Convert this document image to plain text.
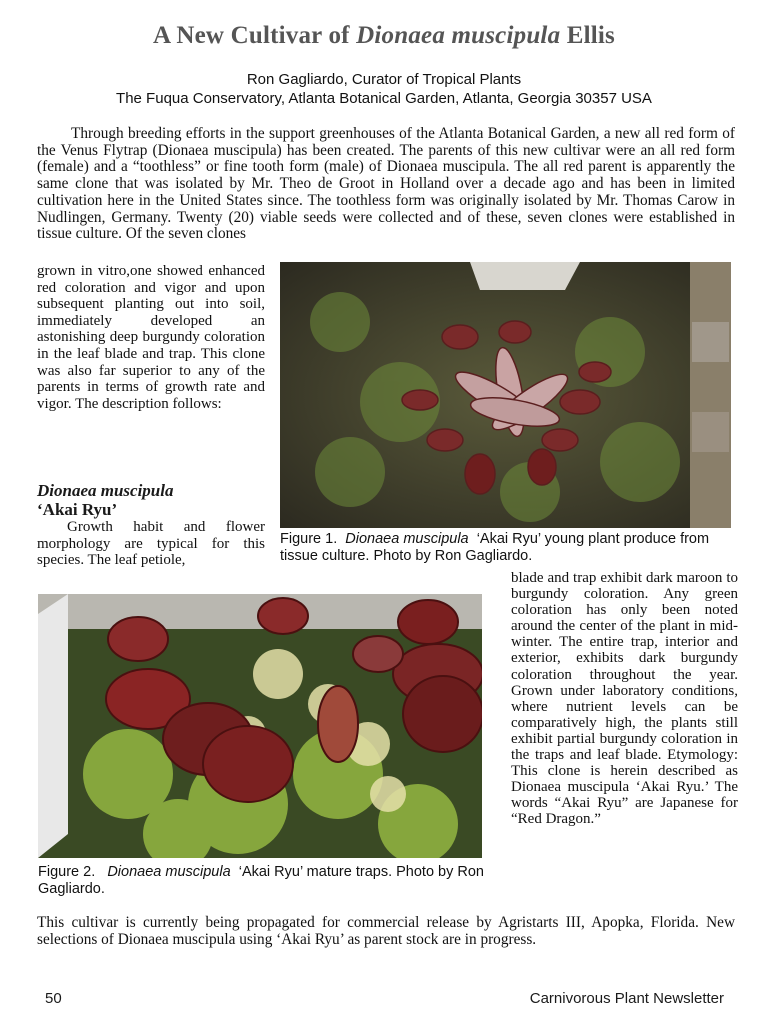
A New Cultivar of Dionaea muscipula Ellis
Ron Gagliardo, Curator of Tropical Plants
The Fuqua Conservatory, Atlanta Botanical Garden, Atlanta, Georgia 30357 USA
Through breeding efforts in the support greenhouses of the Atlanta Botanical Garden, a new all red form of the Venus Flytrap (Dionaea muscipula) has been created. The parents of this new cultivar were an all red form (female) and a “toothless” or fine tooth form (male) of Dionaea muscipula. The all red parent is apparently the same clone that was isolated by Mr. Theo de Groot in Holland over a decade ago and has been in limited cultivation here in the United States since. The toothless form was originally isolated by Mr. Thomas Carow in Nudlingen, Germany. Twenty (20) viable seeds were collected and of these, seven clones were established in tissue culture. Of the seven clones
grown in vitro,one showed enhanced red coloration and vigor and upon subsequent planting out into soil, immediately developed an astonishing deep burgundy coloration in the leaf blade and trap. This clone was also far superior to any of the parents in terms of growth rate and vigor. The description follows:
Dionaea muscipula
‘Akai Ryu’
Growth habit and flower morphology are typical for this species. The leaf petiole,
Figure 1. Dionaea muscipula ‘Akai Ryu’ young plant produce from tissue culture. Photo by Ron Gagliardo.
Figure 2. Dionaea muscipula ‘Akai Ryu’ mature traps. Photo by Ron Gagliardo.
blade and trap exhibit dark maroon to burgundy coloration. Any green coloration has only been noted around the center of the plant in mid-winter. The entire trap, interior and exterior, exhibits dark burgundy coloration throughout the year. Grown under laboratory conditions, where nutrient levels can be comparatively high, the plants still exhibit partial burgundy coloration in the traps and leaf blade. Etymology: This clone is herein described as Dionaea muscipula ‘Akai Ryu.’ The words “Akai Ryu” are Japanese for “Red Dragon.”
This cultivar is currently being propagated for commercial release by Agristarts III, Apopka, Florida. New selections of Dionaea muscipula using ‘Akai Ryu’ as parent stock are in progress.
50	Carnivorous Plant Newsletter
